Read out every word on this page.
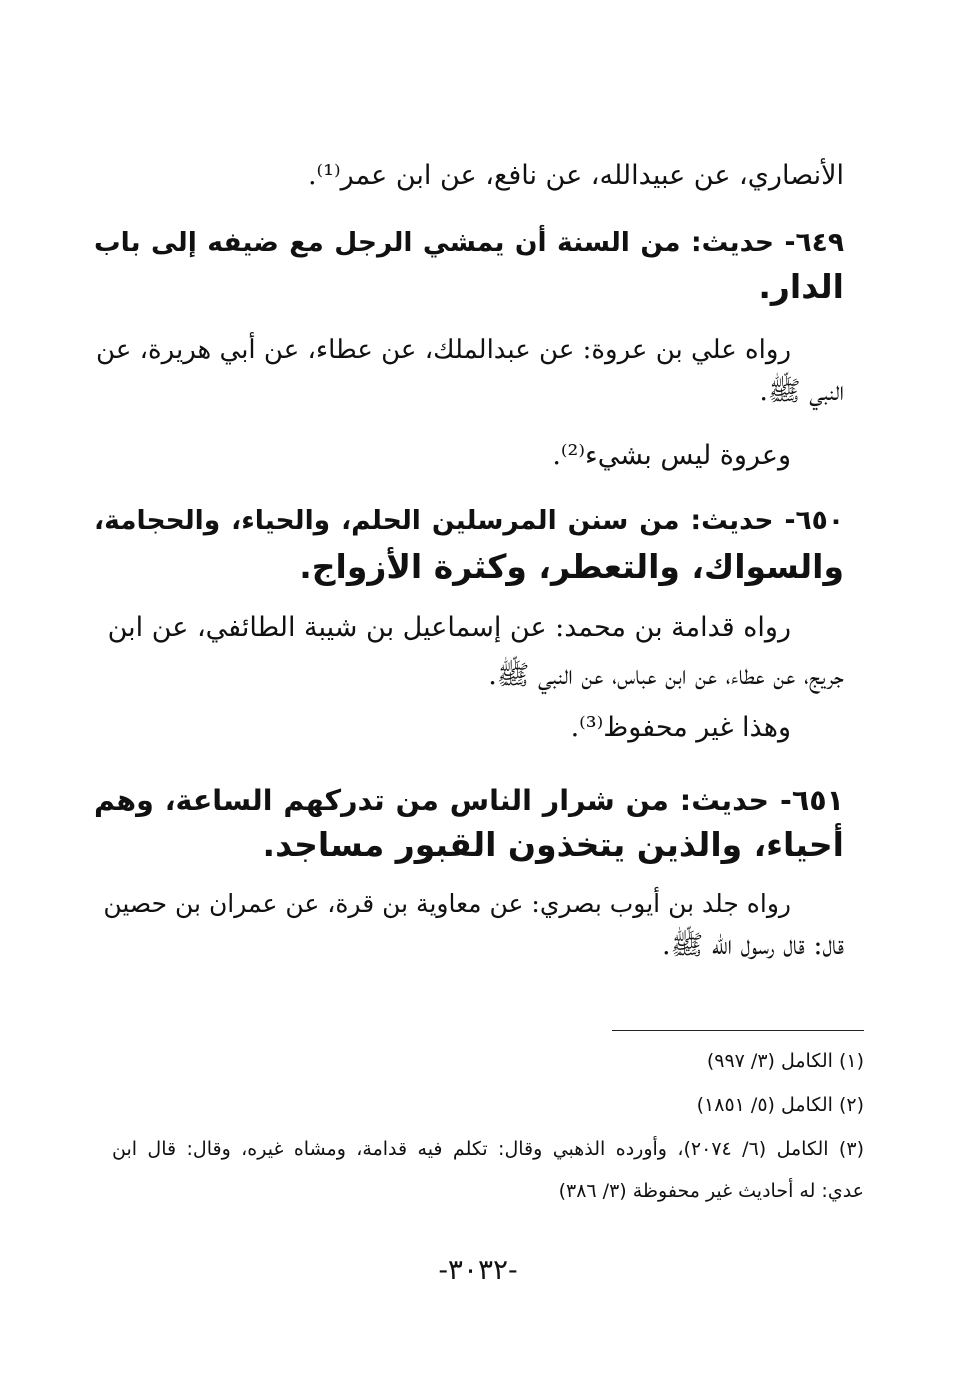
الأنصاري، عن عبيدالله، عن نافع، عن ابن عمر⁽¹⁾.
٦٤٩- حديث: من السنة أن يمشي الرجل مع ضيفه إلى باب
الدار.
رواه علي بن عروة: عن عبدالملك، عن عطاء، عن أبي هريرة، عن
النبي ﷺ.
وعروة ليس بشيء⁽²⁾.
٦٥٠- حديث: من سنن المرسلين الحلم، والحياء، والحجامة،
والسواك، والتعطر، وكثرة الأزواج.
رواه قدامة بن محمد: عن إسماعيل بن شيبة الطائفي، عن ابن
جريج، عن عطاء، عن ابن عباس، عن النبي ﷺ.
وهذا غير محفوظ⁽³⁾.
٦٥١- حديث: من شرار الناس من تدركهم الساعة، وهم
أحياء، والذين يتخذون القبور مساجد.
رواه جلد بن أيوب بصري: عن معاوية بن قرة، عن عمران بن حصين
قال: قال رسول الله ﷺ.
(١) الكامل (٣/ ٩٩٧)
(٢) الكامل (٥/ ١٨٥١)
(٣) الكامل (٦/ ٢٠٧٤)، وأورده الذهبي وقال: تكلم فيه قدامة، ومشاه غيره، وقال: قال ابن
عدي: له أحاديث غير محفوظة (٣/ ٣٨٦)
-٣٠٣٢-
